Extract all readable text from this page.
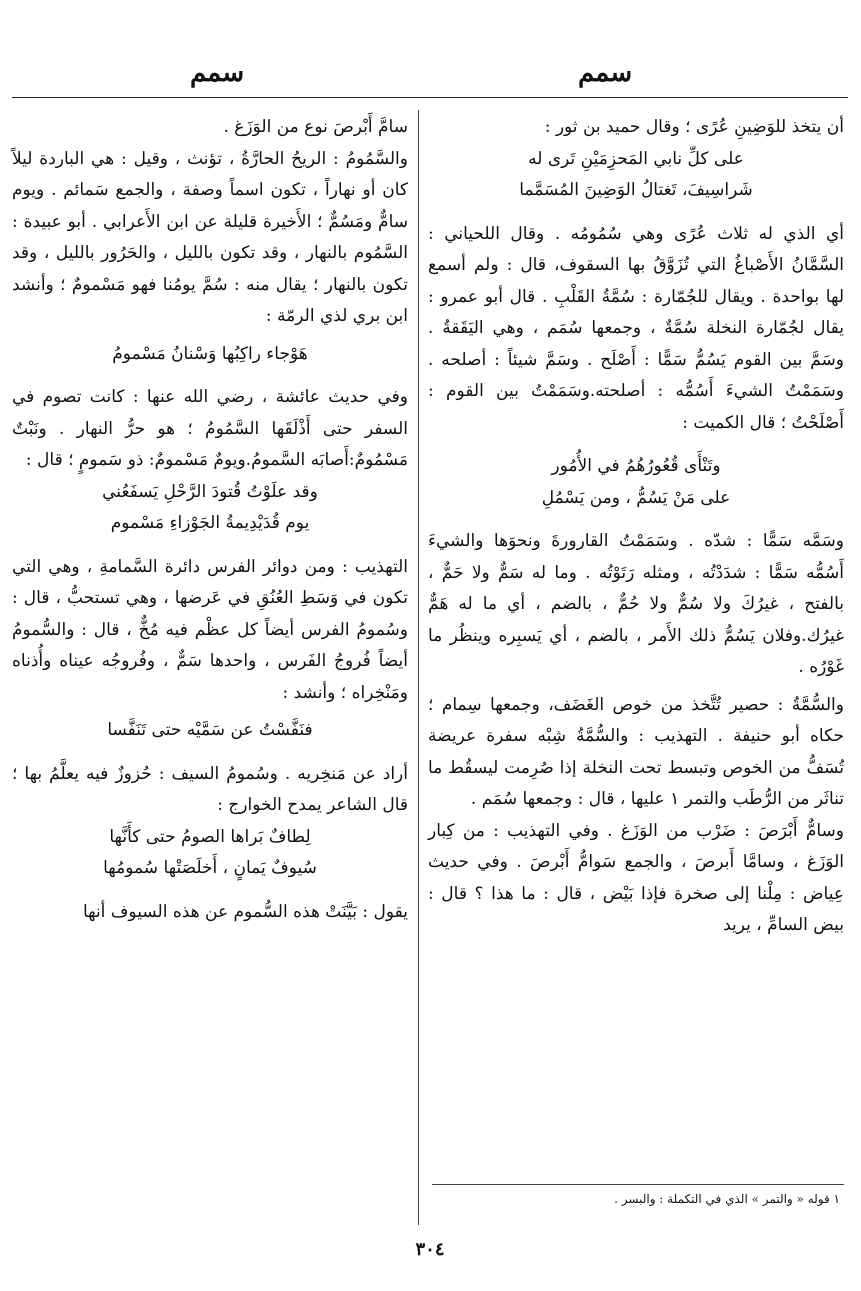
سمم
سمم

أن يتخذ للوَضِينِ عُرًى ؛ وقال حميد بن ثور :

على كلِّ نابي المَحزِمَيْنِ تَرى له

شَراسِيفَ، تَغتالُ الوَضِينَ المُسَمَّما

أي الذي له ثلاث عُرًى وهي سُمُومُه . وقال اللحياني : السَّمَّانُ الأَصْباغُ التي تُزَوَّقُ بها السقوف، قال : ولم أسمع لها بواحدة . ويقال للجُمّارة : سُمَّةُ القَلْبِ . قال أبو عمرو : يقال لجُمّارة النخلة سُمَّةٌ ، وجمعها سُمَم ، وهي اليَقَقةُ . وسَمَّ بين القوم يَسُمُّ سَمًّا : أَصْلَح . وسَمَّ شيئاً : أصلحه . وسَمَمْتُ الشيءَ أَسُمُّه : أصلحته.وسَمَمْتُ بين القوم : أَصْلَحْتُ ؛ قال الكميت :

وتَنْأَى قُعُورُهُمُ في الأُمُور

على مَنْ يَسُمُّ ، ومن يَسْمُلِ

وسَمَّه سَمًّا : شدّه . وسَمَمْتُ القارورةَ ونحوَها والشيءَ أَسُمُّه سَمًّا : شدَدْتُه ، ومثله رَتَوْتُه . وما له سَمٌّ ولا حَمٌّ ، بالفتح ، غيرُكَ ولا سُمٌّ ولا حُمٌّ ، بالضم ، أي ما له هَمٌّ غيرُك.وفلان يَسُمُّ ذلك الأَمر ، بالضم ، أي يَسبِره وينظُر ما غَوْرُه .

والسُّمَّةُ : حصير تُتَّخذ من خوص الغَضَف، وجمعها سِمام ؛ حكاه أبو حنيفة . التهذيب : والسُّمَّةُ شِبْه سفرة عريضة تُسَفُّ من الخوص وتبسط تحت النخلة إذا صُرِمت ليسقُط ما تناثَر من الرُّطَب والتمر ١ عليها ، قال : وجمعها سُمَم .

وسامٌّ أَبْرَصَ : ضَرْب من الوَزَغ . وفي التهذيب : من كِبار الوَزَغ ، وسامَّا أَبرصَ ، والجمع سَوامُّ أَبْرصَ . وفي حديث عِياض : مِلْنا إلى صخرة فإذا بَيْض ، قال : ما هذا ؟ قال : بيض السامِّ ، يريد

سامَّ أَبْرصَ نوع من الوَزَغ .

والسَّمُومُ : الريحُ الحارَّةُ ، تؤنث ، وقيل : هي الباردة ليلاً كان أو نهاراً ، تكون اسماً وصفة ، والجمع سَمائم . ويوم سامٌّ ومَسُمٌّ ؛ الأَخيرة قليلة عن ابن الأَعرابي . أبو عبيدة : السَّمُوم بالنهار ، وقد تكون بالليل ، والحَرُور بالليل ، وقد تكون بالنهار ؛ يقال منه : سُمَّ يومُنا فهو مَسْمومٌ ؛ وأنشد ابن بري لذي الرمّة :

هَوْجاء راكِبُها وَسْنانُ مَسْمومُ

وفي حديث عائشة ، رضي الله عنها : كانت تصوم في السفر حتى أَذْلَقَها السَّمُومُ ؛ هو حرُّ النهار . ونَبْتٌ مَسْمُومٌ:أَصابَه السَّمومُ.ويومٌ مَسْمومٌ: ذو سَمومٍ ؛ قال :

وقد علَوْتُ قُتودَ الرَّحْلِ يَسفَعُني

يوم قُدَيْدِيمةُ الجَوْزاءِ مَسْموم

التهذيب : ومن دوائر الفرس دائرة السَّمامةِ ، وهي التي تكون في وَسَطِ العُنُقِ في عَرضها ، وهي تستحبُّ ، قال : وسُمومُ الفرس أيضاً كل عظْم فيه مُخٌّ ، قال : والسُّمومُ أيضاً فُروجُ الفَرس ، واحدها سَمٌّ ، وفُروجُه عيناه وأُذناه ومَنْخِراه ؛ وأنشد :

فنَفَّسْتُ عن سَمَّيْه حتى تَنَفَّسا

أراد عن مَنخِريه . وسُمومُ السيف : حُزوزٌ فيه يعلَّمُ بها ؛ قال الشاعر يمدح الخوارج :

لِطافٌ بَراها الصومُ حتى كأَنَّها

سُيوفٌ يَمانٍ ، أَخلَصَتْها سُمومُها

يقول : بَيَّنَتْ هذه السُّموم عن هذه السيوف أنها

١ قوله « والتمر » الذي في التكملة : والبسر .
٣٠٤
